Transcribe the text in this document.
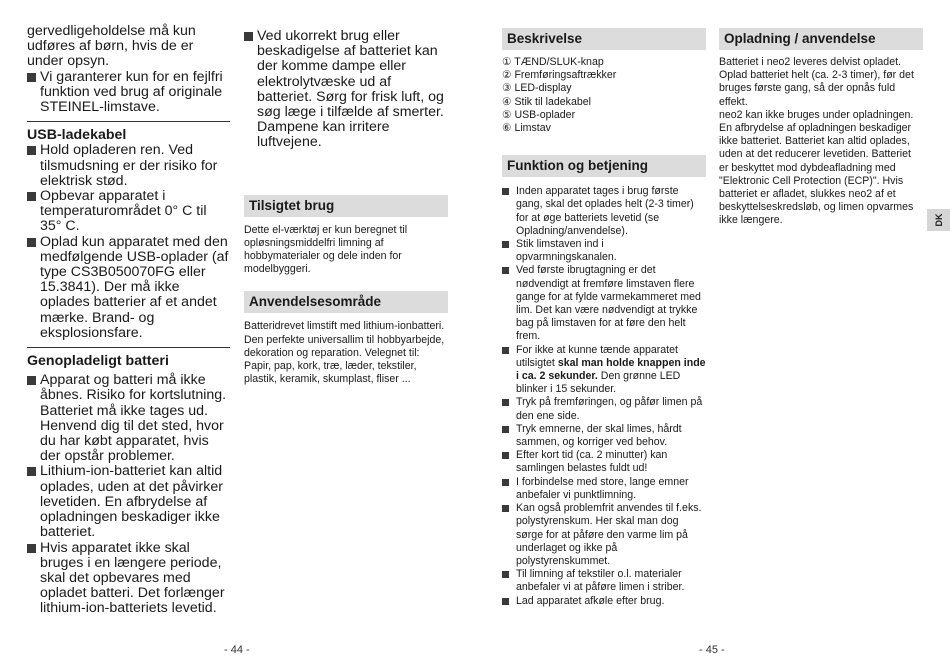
gervedligeholdelse må kun udføres af børn, hvis de er under opsyn.

Vi garanterer kun for en fejlfri funktion ved brug af originale STEINEL-limstave.

USB-ladekabel

Hold opladeren ren. Ved tilsmudsning er der risiko for elektrisk stød.

Opbevar apparatet i temperaturområdet 0° C til 35° C.

Oplad kun apparatet med den medfølgende USB-oplader (af type CS3B050070FG eller 15.3841). Der må ikke oplades batterier af et andet mærke. Brand- og eksplosionsfare.

Genopladeligt batteri

Apparat og batteri må ikke åbnes. Risiko for kortslutning. Batteriet må ikke tages ud. Henvend dig til det sted, hvor du har købt apparatet, hvis der opstår problemer.

Lithium-ion-batteriet kan altid oplades, uden at det påvirker levetiden. En afbrydelse af opladningen beskadiger ikke batteriet.

Hvis apparatet ikke skal bruges i en længere periode, skal det opbevares med opladet batteri. Det forlænger lithium-ion-batteriets levetid.

Ved ukorrekt brug eller beskadigelse af batteriet kan der komme dampe eller elektrolytvæske ud af batteriet. Sørg for frisk luft, og søg læge i tilfælde af smerter. Dampene kan irritere luftvejene.

Tilsigtet brug

Dette el-værktøj er kun beregnet til opløsningsmiddelfri limning af hobbymaterialer og dele inden for modelbyggeri.

Anvendelsesområde

Batteridrevet limstift med lithium-ionbatteri. Den perfekte universallim til hobbyarbejde, dekoration og reparation. Velegnet til: Papir, pap, kork, træ, læder, tekstiler, plastik, keramik, skumplast, fliser ...

- 44 -
Beskrivelse

① TÆND/SLUK-knap

② Fremføringsaftrækker

③ LED-display

④ Stik til ladekabel

⑤ USB-oplader

⑥ Limstav

Funktion og betjening

Inden apparatet tages i brug første gang, skal det oplades helt (2-3 timer) for at øge batteriets levetid (se Opladning/anvendelse).

Stik limstaven ind i opvarmningskanalen.

Ved første ibrugtagning er det nødvendigt at fremføre limstaven flere gange for at fylde varmekammeret med lim. Det kan være nødvendigt at trykke bag på limstaven for at føre den helt frem.

For ikke at kunne tænde apparatet utilsigtet skal man holde knappen inde i ca. 2 sekunder. Den grønne LED blinker i 15 sekunder.

Tryk på fremføringen, og påfør limen på den ene side.

Tryk emnerne, der skal limes, hårdt sammen, og korriger ved behov.

Efter kort tid (ca. 2 minutter) kan samlingen belastes fuldt ud!

I forbindelse med store, lange emner anbefaler vi punktlimning.

Kan også problemfrit anvendes til f.eks. polystyrenskum. Her skal man dog sørge for at påføre den varme lim på underlaget og ikke på polystyrenskummet.

Til limning af tekstiler o.l. materialer anbefaler vi at påføre limen i striber.

Lad apparatet afkøle efter brug.

Opladning / anvendelse

Batteriet i neo2 leveres delvist opladet. Oplad batteriet helt (ca. 2-3 timer), før det bruges første gang, så der opnås fuld effekt.
neo2 kan ikke bruges under opladningen. En afbrydelse af opladningen beskadiger ikke batteriet. Batteriet kan altid oplades, uden at det reducerer levetiden. Batteriet er beskyttet mod dybdeafladning med "Elektronic Cell Protection (ECP)". Hvis batteriet er afladet, slukkes neo2 af et beskyttelseskredsløb, og limen opvarmes ikke længere.	DK
- 45 -
